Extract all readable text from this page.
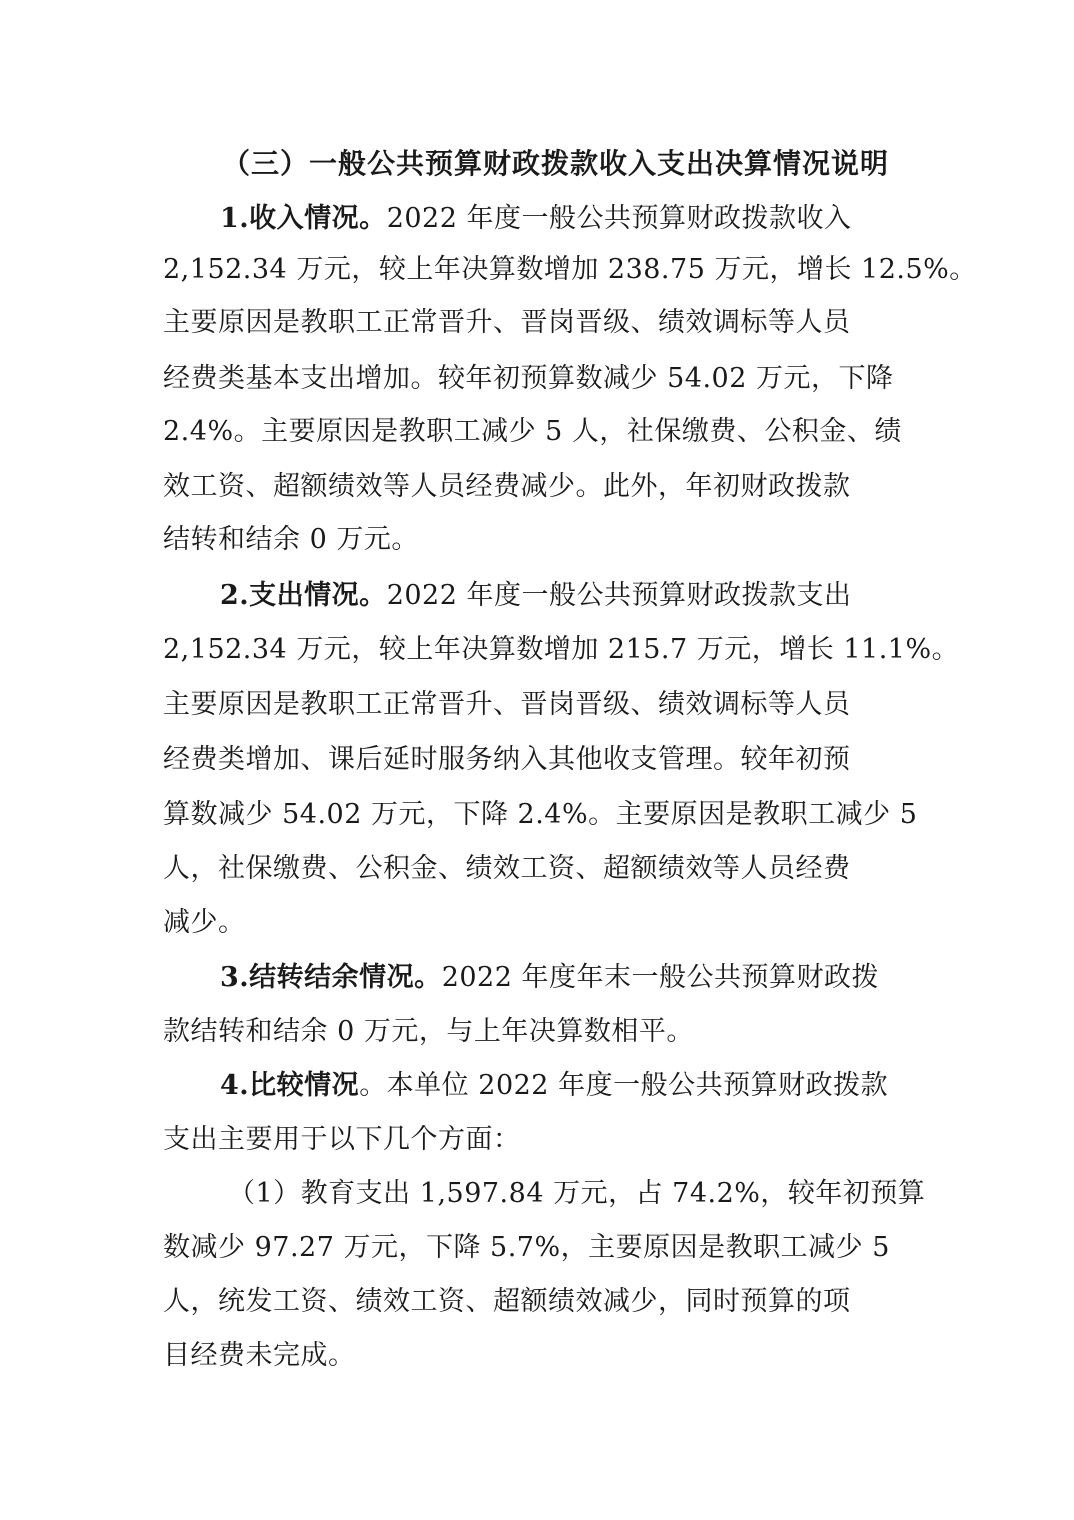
（三）一般公共预算财政拨款收入支出决算情况说明

1.收入情况。2022 年度一般公共预算财政拨款收入

2,152.34 万元，较上年决算数增加 238.75 万元，增长 12.5%。

主要原因是教职工正常晋升、晋岗晋级、绩效调标等人员

经费类基本支出增加。较年初预算数减少 54.02 万元，下降

2.4%。主要原因是教职工减少 5 人，社保缴费、公积金、绩

效工资、超额绩效等人员经费减少。此外，年初财政拨款

结转和结余 0 万元。

2.支出情况。2022 年度一般公共预算财政拨款支出

2,152.34 万元，较上年决算数增加 215.7 万元，增长 11.1%。

主要原因是教职工正常晋升、晋岗晋级、绩效调标等人员

经费类增加、课后延时服务纳入其他收支管理。较年初预

算数减少 54.02 万元，下降 2.4%。主要原因是教职工减少 5

人，社保缴费、公积金、绩效工资、超额绩效等人员经费

减少。

3.结转结余情况。2022 年度年末一般公共预算财政拨

款结转和结余 0 万元，与上年决算数相平。

4.比较情况。本单位 2022 年度一般公共预算财政拨款

支出主要用于以下几个方面：

（1）教育支出 1,597.84 万元，占 74.2%，较年初预算

数减少 97.27 万元，下降 5.7%，主要原因是教职工减少 5

人，统发工资、绩效工资、超额绩效减少，同时预算的项

目经费未完成。
